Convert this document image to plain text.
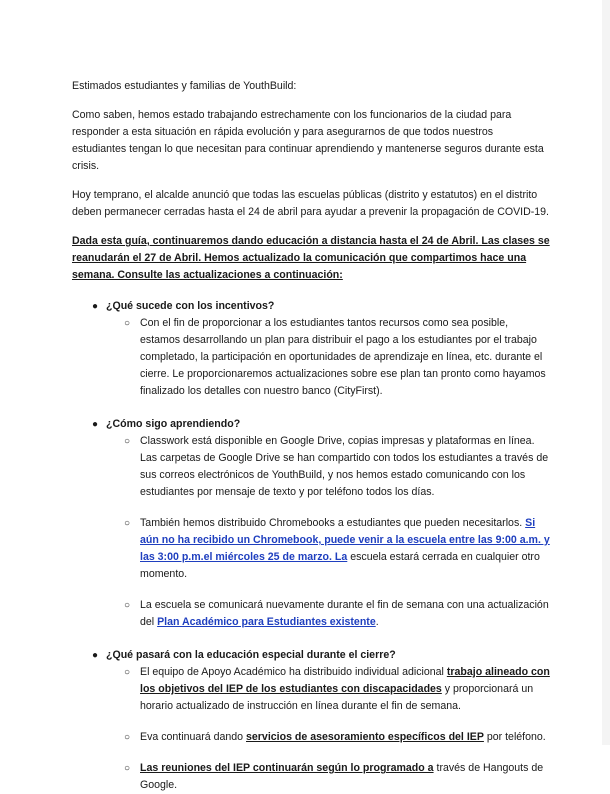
Estimados estudiantes y familias de YouthBuild:

Como saben, hemos estado trabajando estrechamente con los funcionarios de la ciudad para responder a esta situación en rápida evolución y para asegurarnos de que todos nuestros estudiantes tengan lo que necesitan para continuar aprendiendo y mantenerse seguros durante esta crisis.

Hoy temprano, el alcalde anunció que todas las escuelas públicas (distrito y estatutos) en el distrito deben permanecer cerradas hasta el 24 de abril para ayudar a prevenir la propagación de COVID-19.

Dada esta guía, continuaremos dando educación a distancia hasta el 24 de Abril. Las clases se reanudarán el 27 de Abril. Hemos actualizado la comunicación que compartimos hace una semana. Consulte las actualizaciones a continuación:

● ¿Qué sucede con los incentivos?

○ Con el fin de proporcionar a los estudiantes tantos recursos como sea posible, estamos desarrollando un plan para distribuir el pago a los estudiantes por el trabajo completado, la participación en oportunidades de aprendizaje en línea, etc. durante el cierre. Le proporcionaremos actualizaciones sobre ese plan tan pronto como hayamos finalizado los detalles con nuestro banco (CityFirst).

● ¿Cómo sigo aprendiendo?

○ Classwork está disponible en Google Drive, copias impresas y plataformas en línea. Las carpetas de Google Drive se han compartido con todos los estudiantes a través de sus correos electrónicos de YouthBuild, y nos hemos estado comunicando con los estudiantes por mensaje de texto y por teléfono todos los días.

○ También hemos distribuido Chromebooks a estudiantes que pueden necesitarlos. Si aún no ha recibido un Chromebook, puede venir a la escuela entre las 9:00 a.m. y las 3:00 p.m.el miércoles 25 de marzo. La escuela estará cerrada en cualquier otro momento.

○ La escuela se comunicará nuevamente durante el fin de semana con una actualización del Plan Académico para Estudiantes existente.

● ¿Qué pasará con la educación especial durante el cierre?

○ El equipo de Apoyo Académico ha distribuido individual adicional trabajo alineado con los objetivos del IEP de los estudiantes con discapacidades y proporcionará un horario actualizado de instrucción en línea durante el fin de semana.

○ Eva continuará dando servicios de asesoramiento específicos del IEP por teléfono.

○ Las reuniones del IEP continuarán según lo programado a través de Hangouts de Google.
